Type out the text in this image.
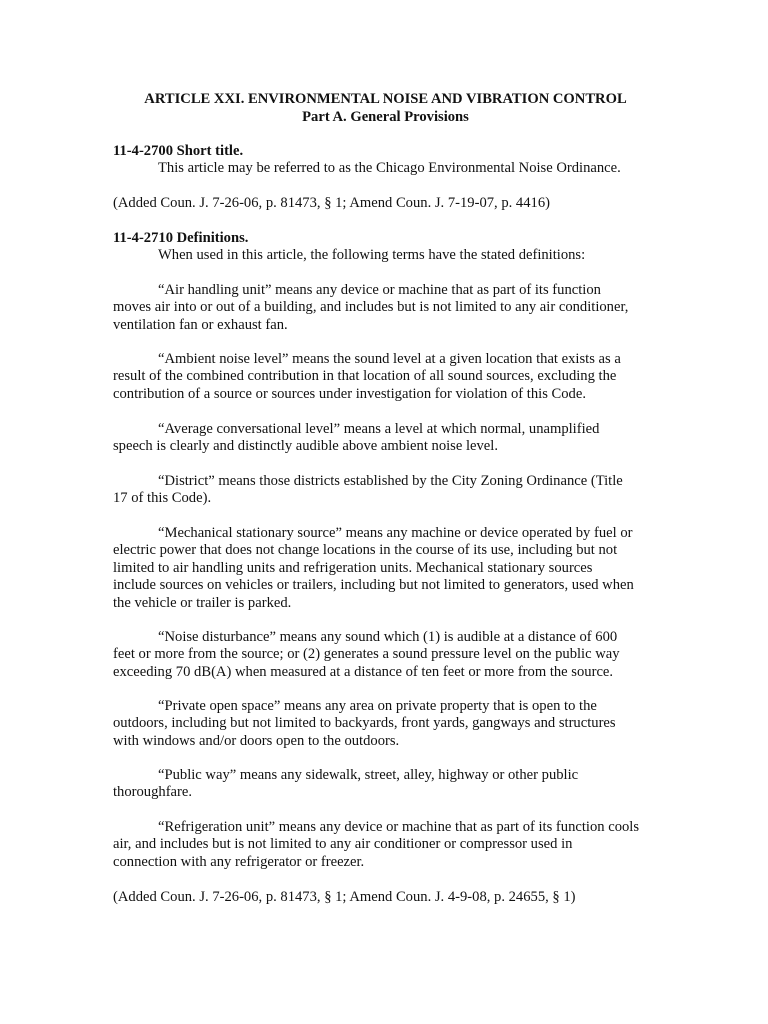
ARTICLE XXI. ENVIRONMENTAL NOISE AND VIBRATION CONTROL
Part A. General Provisions
11-4-2700 Short title.
This article may be referred to as the Chicago Environmental Noise Ordinance.
(Added Coun. J. 7-26-06, p. 81473, § 1; Amend Coun. J. 7-19-07, p. 4416)
11-4-2710 Definitions.
When used in this article, the following terms have the stated definitions:
“Air handling unit” means any device or machine that as part of its function
moves air into or out of a building, and includes but is not limited to any air conditioner,
ventilation fan or exhaust fan.
“Ambient noise level” means the sound level at a given location that exists as a
result of the combined contribution in that location of all sound sources, excluding the
contribution of a source or sources under investigation for violation of this Code.
“Average conversational level” means a level at which normal, unamplified
speech is clearly and distinctly audible above ambient noise level.
“District” means those districts established by the City Zoning Ordinance (Title
17 of this Code).
“Mechanical stationary source” means any machine or device operated by fuel or
electric power that does not change locations in the course of its use, including but not
limited to air handling units and refrigeration units. Mechanical stationary sources
include sources on vehicles or trailers, including but not limited to generators, used when
the vehicle or trailer is parked.
“Noise disturbance” means any sound which (1) is audible at a distance of 600
feet or more from the source; or (2) generates a sound pressure level on the public way
exceeding 70 dB(A) when measured at a distance of ten feet or more from the source.
“Private open space” means any area on private property that is open to the
outdoors, including but not limited to backyards, front yards, gangways and structures
with windows and/or doors open to the outdoors.
“Public way” means any sidewalk, street, alley, highway or other public
thoroughfare.
“Refrigeration unit” means any device or machine that as part of its function cools
air, and includes but is not limited to any air conditioner or compressor used in
connection with any refrigerator or freezer.
(Added Coun. J. 7-26-06, p. 81473, § 1; Amend Coun. J. 4-9-08, p. 24655, § 1)
